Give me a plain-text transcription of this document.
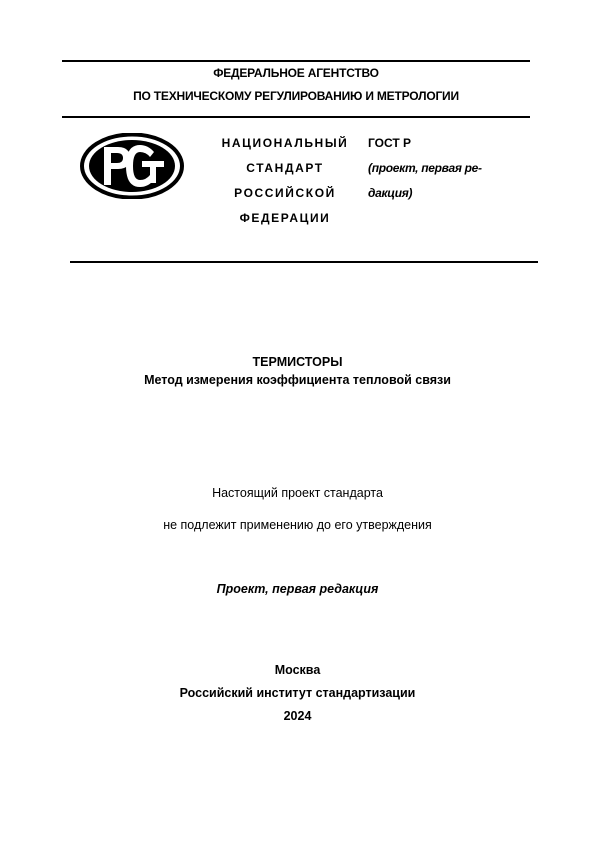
ФЕДЕРАЛЬНОЕ АГЕНТСТВО
ПО ТЕХНИЧЕСКОМУ РЕГУЛИРОВАНИЮ И МЕТРОЛОГИИ
НАЦИОНАЛЬНЫЙ
СТАНДАРТ
РОССИЙСКОЙ
ФЕДЕРАЦИИ
ГОСТ Р
(проект, первая ре-
дакция)
ТЕРМИСТОРЫ
Метод измерения коэффициента тепловой связи
Настоящий проект стандарта
не подлежит применению до его утверждения
Проект, первая редакция
Москва
Российский институт стандартизации
2024
